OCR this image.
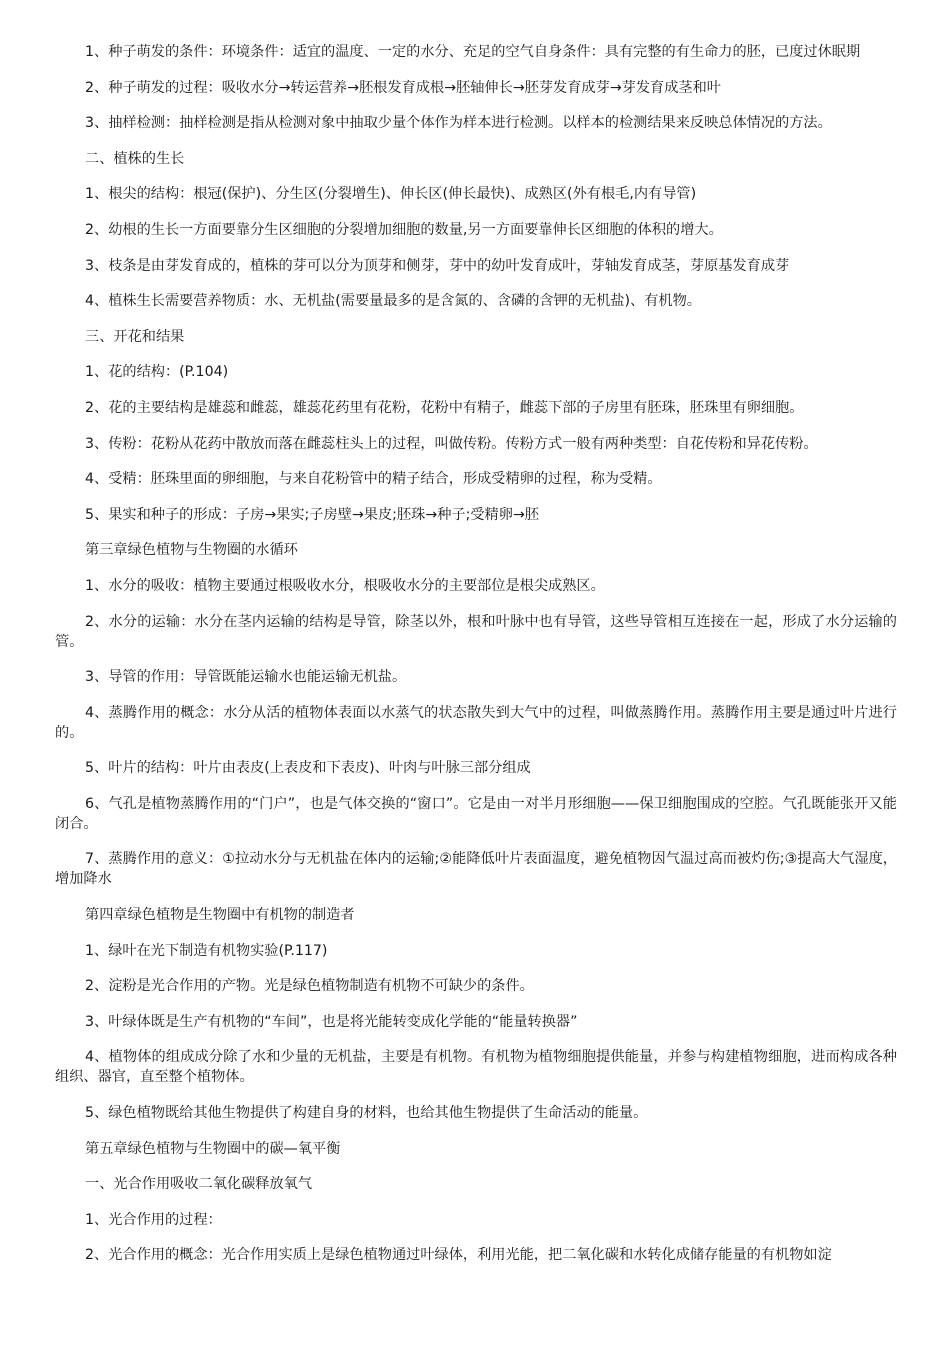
1、种子萌发的条件：环境条件：适宜的温度、一定的水分、充足的空气自身条件：具有完整的有生命力的胚，已度过休眠期

2、种子萌发的过程：吸收水分→转运营养→胚根发育成根→胚轴伸长→胚芽发育成芽→芽发育成茎和叶

3、抽样检测：抽样检测是指从检测对象中抽取少量个体作为样本进行检测。以样本的检测结果来反映总体情况的方法。

二、植株的生长

1、根尖的结构：根冠(保护)、分生区(分裂增生)、伸长区(伸长最快)、成熟区(外有根毛,内有导管)

2、幼根的生长一方面要靠分生区细胞的分裂增加细胞的数量,另一方面要靠伸长区细胞的体积的增大。

3、枝条是由芽发育成的，植株的芽可以分为顶芽和侧芽，芽中的幼叶发育成叶，芽轴发育成茎，芽原基发育成芽

4、植株生长需要营养物质：水、无机盐(需要量最多的是含氮的、含磷的含钾的无机盐)、有机物。

三、开花和结果

1、花的结构：(P.104)

2、花的主要结构是雄蕊和雌蕊，雄蕊花药里有花粉，花粉中有精子，雌蕊下部的子房里有胚珠，胚珠里有卵细胞。

3、传粉：花粉从花药中散放而落在雌蕊柱头上的过程，叫做传粉。传粉方式一般有两种类型：自花传粉和异花传粉。

4、受精：胚珠里面的卵细胞，与来自花粉管中的精子结合，形成受精卵的过程，称为受精。

5、果实和种子的形成：子房→果实;子房壁→果皮;胚珠→种子;受精卵→胚

第三章绿色植物与生物圈的水循环

1、水分的吸收：植物主要通过根吸收水分，根吸收水分的主要部位是根尖成熟区。

2、水分的运输：水分在茎内运输的结构是导管，除茎以外，根和叶脉中也有导管，这些导管相互连接在一起，形成了水分运输的管。

3、导管的作用：导管既能运输水也能运输无机盐。

4、蒸腾作用的概念：水分从活的植物体表面以水蒸气的状态散失到大气中的过程，叫做蒸腾作用。蒸腾作用主要是通过叶片进行的。

5、叶片的结构：叶片由表皮(上表皮和下表皮)、叶肉与叶脉三部分组成

6、气孔是植物蒸腾作用的“门户”，也是气体交换的“窗口”。它是由一对半月形细胞——保卫细胞围成的空腔。气孔既能张开又能闭合。

7、蒸腾作用的意义：①拉动水分与无机盐在体内的运输;②能降低叶片表面温度，避免植物因气温过高而被灼伤;③提高大气湿度，增加降水

第四章绿色植物是生物圈中有机物的制造者

1、绿叶在光下制造有机物实验(P.117)

2、淀粉是光合作用的产物。光是绿色植物制造有机物不可缺少的条件。

3、叶绿体既是生产有机物的“车间”，也是将光能转变成化学能的“能量转换器”

4、植物体的组成成分除了水和少量的无机盐，主要是有机物。有机物为植物细胞提供能量，并参与构建植物细胞，进而构成各种组织、器官，直至整个植物体。

5、绿色植物既给其他生物提供了构建自身的材料，也给其他生物提供了生命活动的能量。

第五章绿色植物与生物圈中的碳—氧平衡

一、光合作用吸收二氧化碳释放氧气

1、光合作用的过程：

2、光合作用的概念：光合作用实质上是绿色植物通过叶绿体，利用光能，把二氧化碳和水转化成储存能量的有机物如淀
